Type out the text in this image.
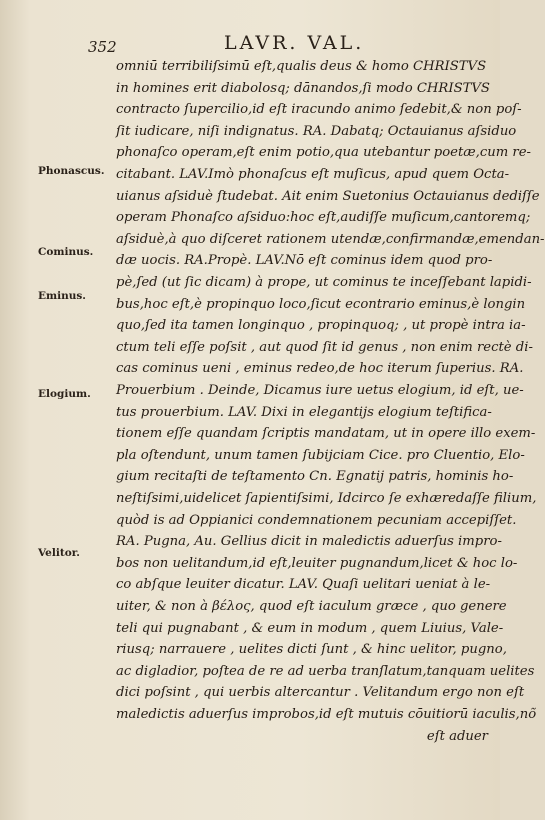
352	LAVR. VAL.
Phonascus.
Cominus.
Eminus.
Elogium.
Velitor.
omniū terribiliſsimū eſt,qualis deus & homo CHRISTVS
in homines erit diabolosq; dānandos,ſi modo CHRISTVS
contracto ſupercilio,id eſt iracundo animo ſedebit,& non poſ-
ſit iudicare, niſi indignatus. RA. Dabatq; Octauianus aſsiduo
phonaſco operam,eſt enim potio,qua utebantur poetæ,cum re-
citabant. LAV.Imò phonaſcus eſt muſicus, apud quem Octa-
uianus aſsiduè ſtudebat. Ait enim Suetonius Octauianus dediſſe
operam Phonaſco aſsiduo:hoc eſt,audiſſe muſicum,cantoremq;
aſsiduè,à quo diſceret rationem utendæ,confirmandæ,emendan-
dæ uocis. RA.Propè. LAV.Nō eſt cominus idem quod pro-
pè,ſed (ut ſic dicam) à prope, ut cominus te inceſſebant lapidi-
bus,hoc eſt,è propinquo loco,ſicut econtrario eminus,è longin
quo,ſed ita tamen longinquo , propinquoq; , ut propè intra ia-
ctum teli eſſe poſsit , aut quod ſit id genus , non enim rectè di-
cas cominus ueni , eminus redeo,de hoc iterum ſuperius. RA.
Prouerbium . Deinde, Dicamus iure uetus elogium, id eſt, ue-
tus prouerbium. LAV. Dixi in elegantijs elogium teſtifica-
tionem eſſe quandam ſcriptis mandatam, ut in opere illo exem-
pla oſtendunt, unum tamen ſubijciam Cice. pro Cluentio, Elo-
gium recitaſti de teſtamento Cn. Egnatij patris, hominis ho-
neſtiſsimi,uidelicet ſapientiſsimi, Idcirco ſe exhæredaſſe filium,
quòd is ad Oppianici condemnationem pecuniam accepiſſet.
RA. Pugna, Au. Gellius dicit in maledictis aduerſus impro-
bos non uelitandum,id eſt,leuiter pugnandum,licet & hoc lo-
co abſque leuiter dicatur. LAV. Quaſi uelitari ueniat à le-
uiter, & non à βέλος, quod eſt iaculum græce , quo genere
teli qui pugnabant , & eum in modum , quem Liuius, Vale-
riusq; narrauere , uelites dicti ſunt , & hinc uelitor, pugno,
ac digladior, poſtea de re ad uerba tranſlatum,tanquam uelites
dici poſsint , qui uerbis altercantur . Velitandum ergo non eſt
maledictis aduerſus improbos,id eſt mutuis cōuitiorū iaculis,nõ
eſt aduer
